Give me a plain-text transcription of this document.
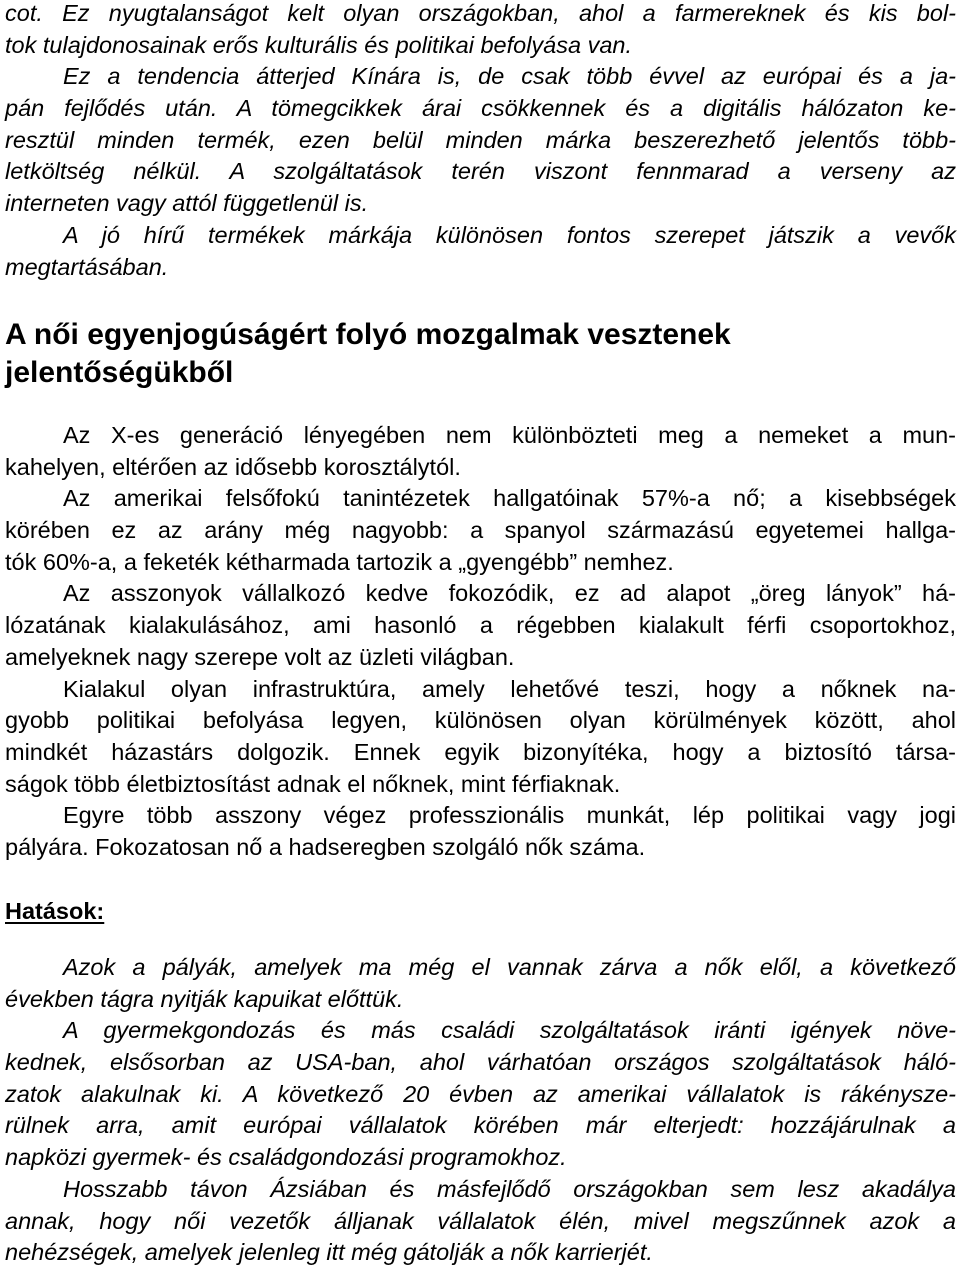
cot. Ez nyugtalanságot kelt olyan országokban, ahol a farmereknek és kis bol-
tok tulajdonosainak erős kulturális és politikai befolyása van.
Ez a tendencia átterjed Kínára is, de csak több évvel az európai és a ja-
pán fejlődés után. A tömegcikkek árai csökkennek és a digitális hálózaton ke-
resztül minden termék, ezen belül minden márka beszerezhető jelentős több-
letköltség nélkül. A szolgáltatások terén viszont fennmarad a verseny az
interneten vagy attól függetlenül is.
A jó hírű termékek márkája különösen fontos szerepet játszik a vevők
megtartásában.
A női egyenjogúságért folyó mozgalmak vesztenek
jelentőségükből
Az X-es generáció lényegében nem különbözteti meg a nemeket a mun-
kahelyen, eltérően az idősebb korosztálytól.
Az amerikai felsőfokú tanintézetek hallgatóinak 57%-a nő; a kisebbségek
körében ez az arány még nagyobb: a spanyol származású egyetemei hallga-
tók 60%-a, a feketék kétharmada tartozik a „gyengébb” nemhez.
Az asszonyok vállalkozó kedve fokozódik, ez ad alapot „öreg lányok” há-
lózatának kialakulásához, ami hasonló a régebben kialakult férfi csoportokhoz,
amelyeknek nagy szerepe volt az üzleti világban.
Kialakul olyan infrastruktúra, amely lehetővé teszi, hogy a nőknek na-
gyobb politikai befolyása legyen, különösen olyan körülmények között, ahol
mindkét házastárs dolgozik. Ennek egyik bizonyítéka, hogy a biztosító társa-
ságok több életbiztosítást adnak el nőknek, mint férfiaknak.
Egyre több asszony végez professzionális munkát, lép politikai vagy jogi
pályára. Fokozatosan nő a hadseregben szolgáló nők száma.
Hatások:
Azok a pályák, amelyek ma még el vannak zárva a nők elől, a következő
években tágra nyitják kapuikat előttük.
A gyermekgondozás és más családi szolgáltatások iránti igények növe-
kednek, elsősorban az USA-ban, ahol várhatóan országos szolgáltatások háló-
zatok alakulnak ki. A következő 20 évben az amerikai vállalatok is rákénysze-
rülnek arra, amit európai vállalatok körében már elterjedt: hozzájárulnak a
napközi gyermek- és családgondozási programokhoz.
Hosszabb távon Ázsiában és másfejlődő országokban sem lesz akadálya
annak, hogy női vezetők álljanak vállalatok élén, mivel megszűnnek azok a
nehézségek, amelyek jelenleg itt még gátolják a nők karrierjét.
